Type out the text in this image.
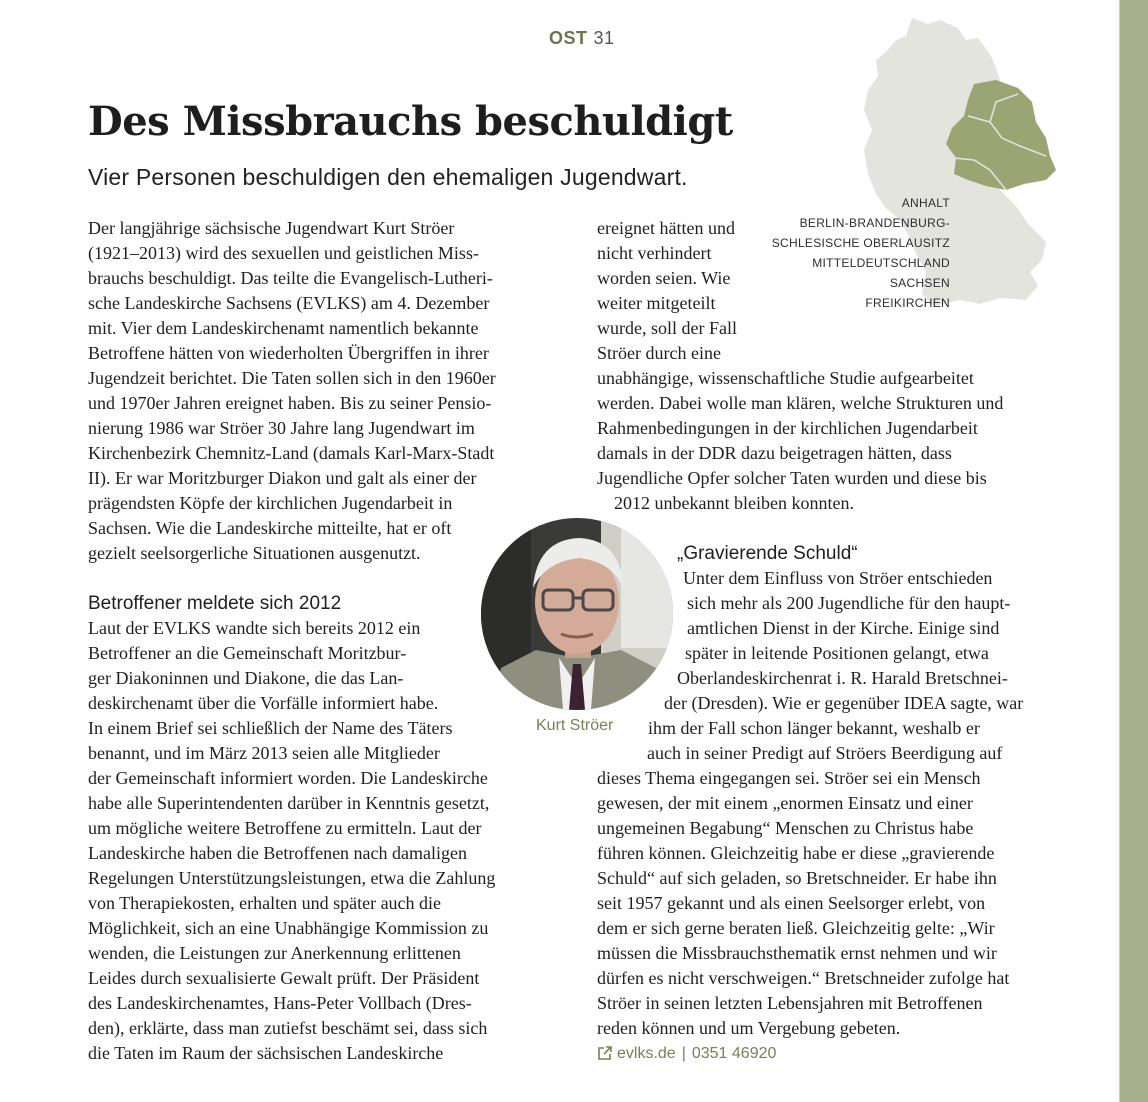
OST 31
ANHALT
BERLIN-BRANDENBURG-
SCHLESISCHE OBERLAUSITZ
MITTELDEUTSCHLAND
SACHSEN
FREIKIRCHEN
Des Missbrauchs beschuldigt

Vier Personen beschuldigen den ehemaligen Jugendwart.

Der langjährige sächsische Jugendwart Kurt Ströer
(1921–2013) wird des sexuellen und geistlichen Miss-
brauchs beschuldigt. Das teilte die Evangelisch-Lutheri-
sche Landeskirche Sachsens (EVLKS) am 4. Dezember
mit. Vier dem Landeskirchenamt namentlich bekannte
Betroffene hätten von wiederholten Übergriffen in ihrer
Jugendzeit berichtet. Die Taten sollen sich in den 1960er
und 1970er Jahren ereignet haben. Bis zu seiner Pensio-
nierung 1986 war Ströer 30 Jahre lang Jugendwart im
Kirchenbezirk Chemnitz-Land (damals Karl-Marx-Stadt
II). Er war Moritzburger Diakon und galt als einer der
prägendsten Köpfe der kirchlichen Jugendarbeit in
Sachsen. Wie die Landeskirche mitteilte, hat er oft
gezielt seelsorgerliche Situationen ausgenutzt.
Betroffener meldete sich 2012
Laut der EVLKS wandte sich bereits 2012 ein
Betroffener an die Gemeinschaft Moritzbur-
ger Diakoninnen und Diakone, die das Lan-
deskirchenamt über die Vorfälle informiert habe.
In einem Brief sei schließlich der Name des Täters
benannt, und im März 2013 seien alle Mitglieder
der Gemeinschaft informiert worden. Die Landeskirche
habe alle Superintendenten darüber in Kenntnis gesetzt,
um mögliche weitere Betroffene zu ermitteln. Laut der
Landeskirche haben die Betroffenen nach damaligen
Regelungen Unterstützungsleistungen, etwa die Zahlung
von Therapiekosten, erhalten und später auch die
Möglichkeit, sich an eine Unabhängige Kommission zu
wenden, die Leistungen zur Anerkennung erlittenen
Leides durch sexualisierte Gewalt prüft. Der Präsident
des Landeskirchenamtes, Hans-Peter Vollbach (Dres-
den), erklärte, dass man zutiefst beschämt sei, dass sich
die Taten im Raum der sächsischen Landeskirche
ereignet hätten und
nicht verhindert
worden seien. Wie
weiter mitgeteilt
wurde, soll der Fall
Ströer durch eine
unabhängige, wissenschaftliche Studie aufgearbeitet
werden. Dabei wolle man klären, welche Strukturen und
Rahmenbedingungen in der kirchlichen Jugendarbeit
damals in der DDR dazu beigetragen hätten, dass
Jugendliche Opfer solcher Taten wurden und diese bis
2012 unbekannt bleiben konnten.
„Gravierende Schuld“
Unter dem Einfluss von Ströer entschieden
sich mehr als 200 Jugendliche für den haupt-
amtlichen Dienst in der Kirche. Einige sind
später in leitende Positionen gelangt, etwa
Oberlandeskirchenrat i. R. Harald Bretschnei-
der (Dresden). Wie er gegenüber IDEA sagte, war
ihm der Fall schon länger bekannt, weshalb er
auch in seiner Predigt auf Ströers Beerdigung auf
dieses Thema eingegangen sei. Ströer sei ein Mensch
gewesen, der mit einem „enormen Einsatz und einer
ungemeinen Begabung“ Menschen zu Christus habe
führen können. Gleichzeitig habe er diese „gravierende
Schuld“ auf sich geladen, so Bretschneider. Er habe ihn
seit 1957 gekannt und als einen Seelsorger erlebt, von
dem er sich gerne beraten ließ. Gleichzeitig gelte: „Wir
müssen die Missbrauchsthematik ernst nehmen und wir
dürfen es nicht verschweigen.“ Bretschneider zufolge hat
Ströer in seinen letzten Lebensjahren mit Betroffenen
reden können und um Vergebung gebeten.
Kurt Ströer
evlks.de | 0351 46920
